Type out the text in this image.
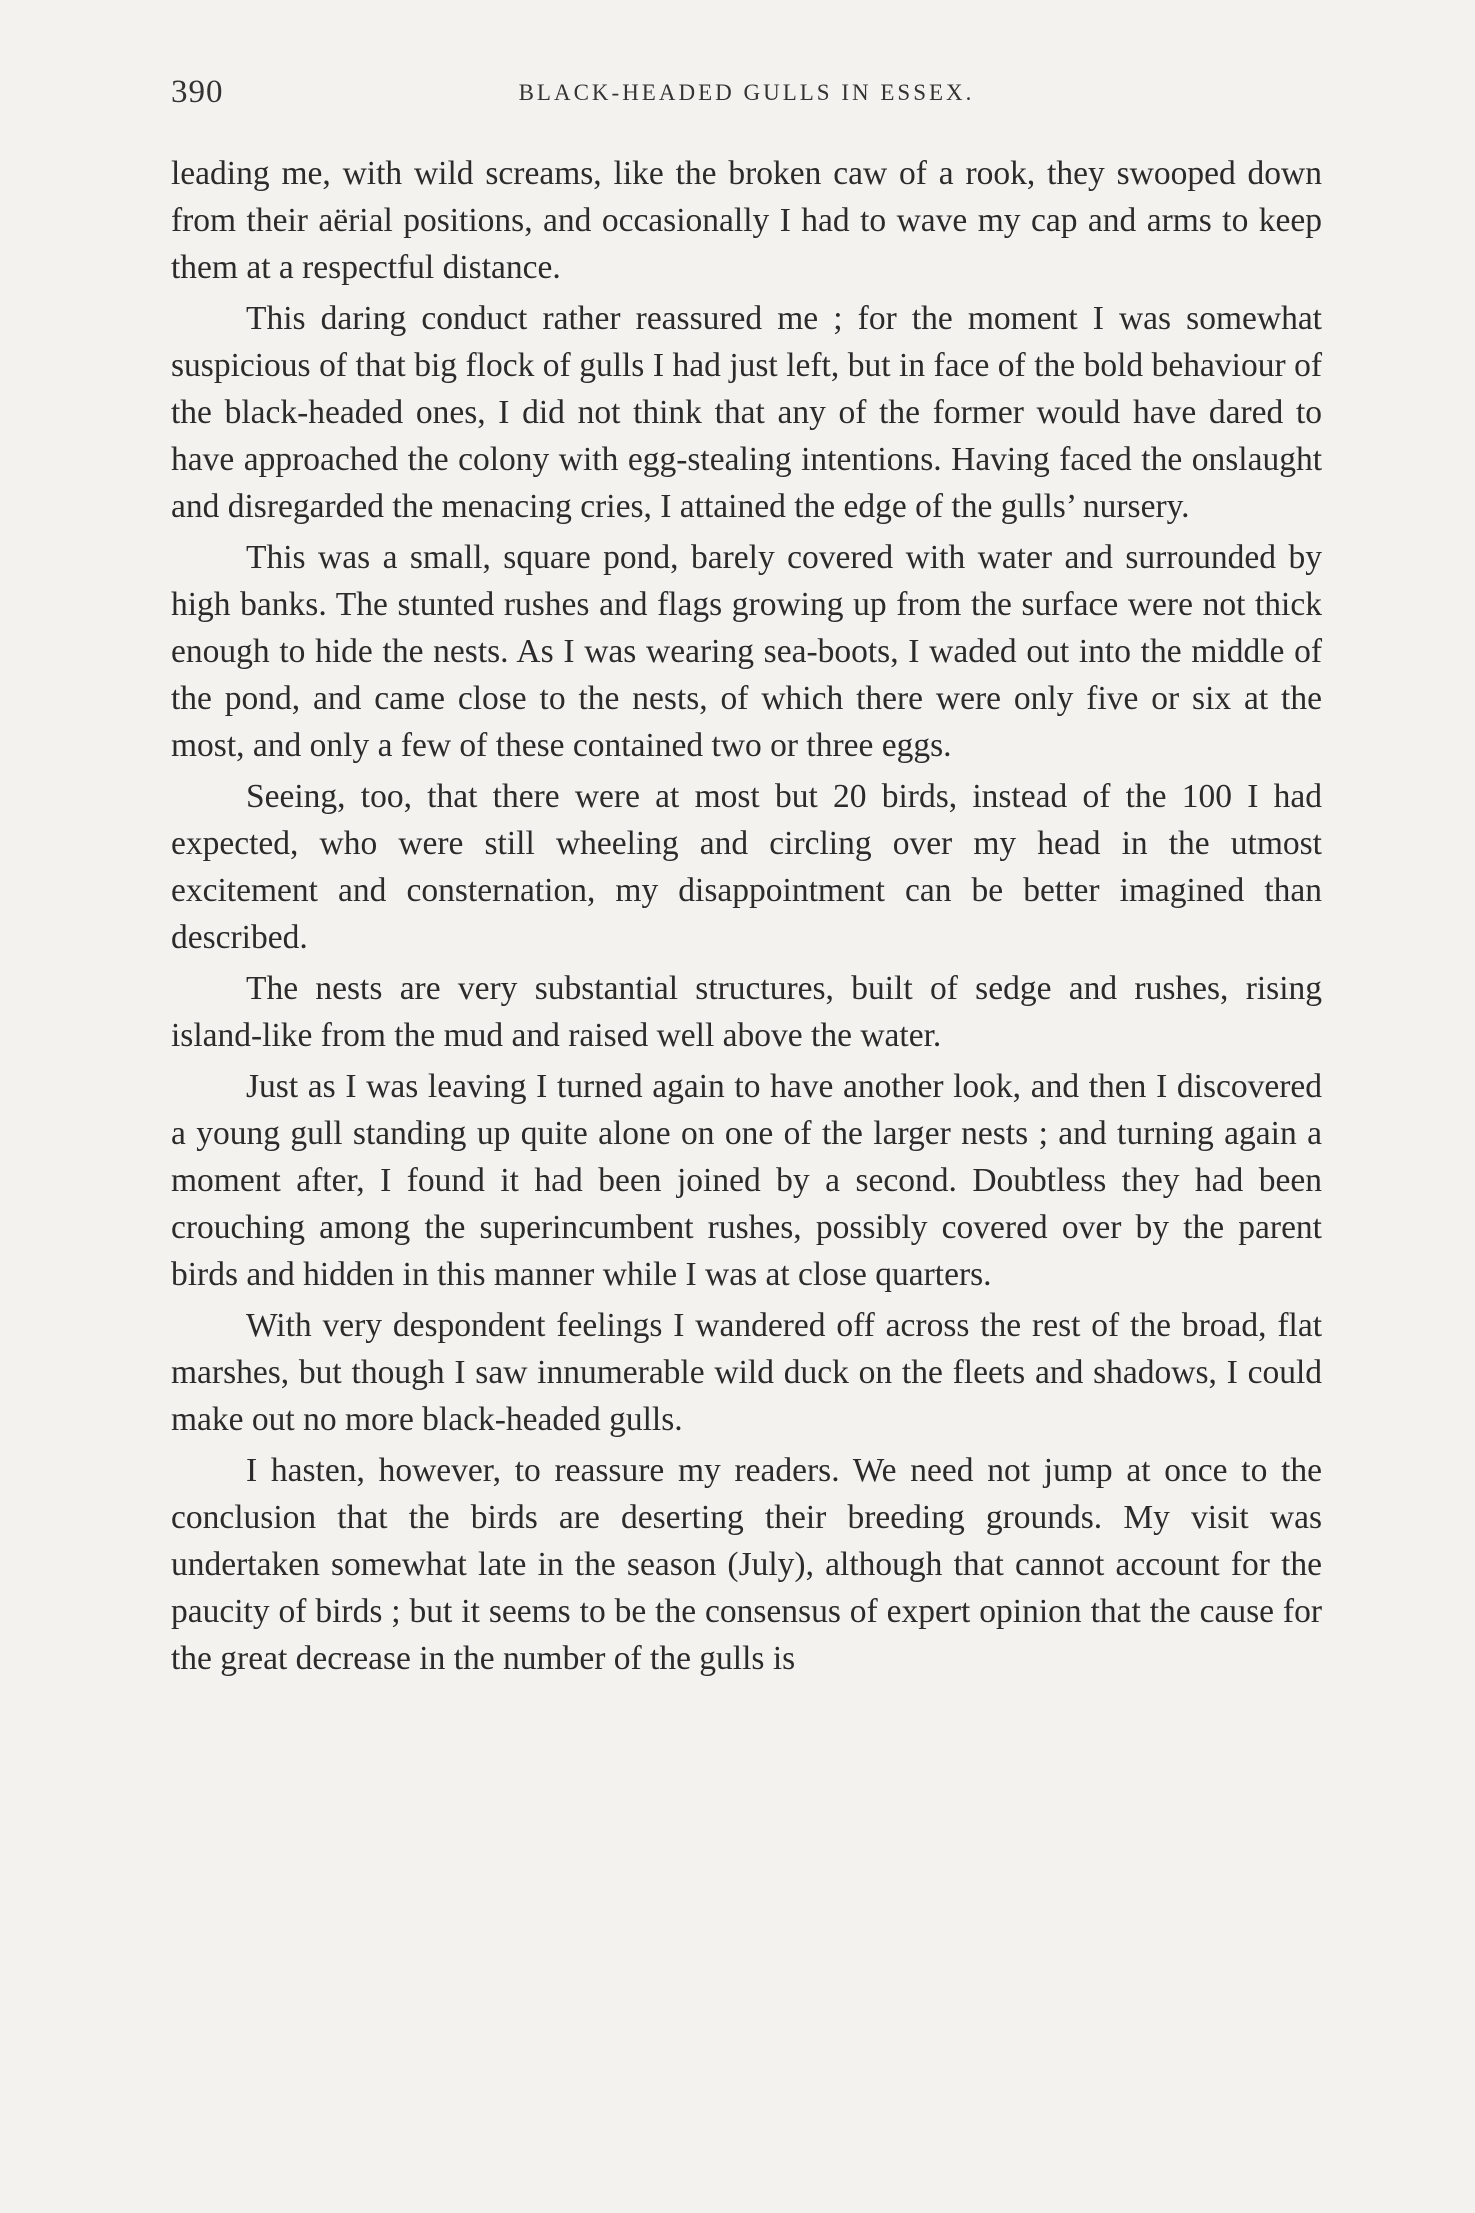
390	BLACK-HEADED GULLS IN ESSEX.

leading me, with wild screams, like the broken caw of a rook, they swooped down from their aërial positions, and occasionally I had to wave my cap and arms to keep them at a respectful distance.

This daring conduct rather reassured me ; for the moment I was somewhat suspicious of that big flock of gulls I had just left, but in face of the bold behaviour of the black-headed ones, I did not think that any of the former would have dared to have approached the colony with egg-stealing intentions. Having faced the onslaught and disregarded the menacing cries, I attained the edge of the gulls’ nursery.

This was a small, square pond, barely covered with water and surrounded by high banks. The stunted rushes and flags growing up from the surface were not thick enough to hide the nests. As I was wearing sea-boots, I waded out into the middle of the pond, and came close to the nests, of which there were only five or six at the most, and only a few of these contained two or three eggs.

Seeing, too, that there were at most but 20 birds, instead of the 100 I had expected, who were still wheeling and circling over my head in the utmost excitement and consternation, my disappointment can be better imagined than described.

The nests are very substantial structures, built of sedge and rushes, rising island-like from the mud and raised well above the water.

Just as I was leaving I turned again to have another look, and then I discovered a young gull standing up quite alone on one of the larger nests ; and turning again a moment after, I found it had been joined by a second. Doubtless they had been crouching among the superincumbent rushes, possibly covered over by the parent birds and hidden in this manner while I was at close quarters.

With very despondent feelings I wandered off across the rest of the broad, flat marshes, but though I saw innumerable wild duck on the fleets and shadows, I could make out no more black-headed gulls.

I hasten, however, to reassure my readers. We need not jump at once to the conclusion that the birds are deserting their breeding grounds. My visit was undertaken somewhat late in the season (July), although that cannot account for the paucity of birds ; but it seems to be the consensus of expert opinion that the cause for the great decrease in the number of the gulls is
